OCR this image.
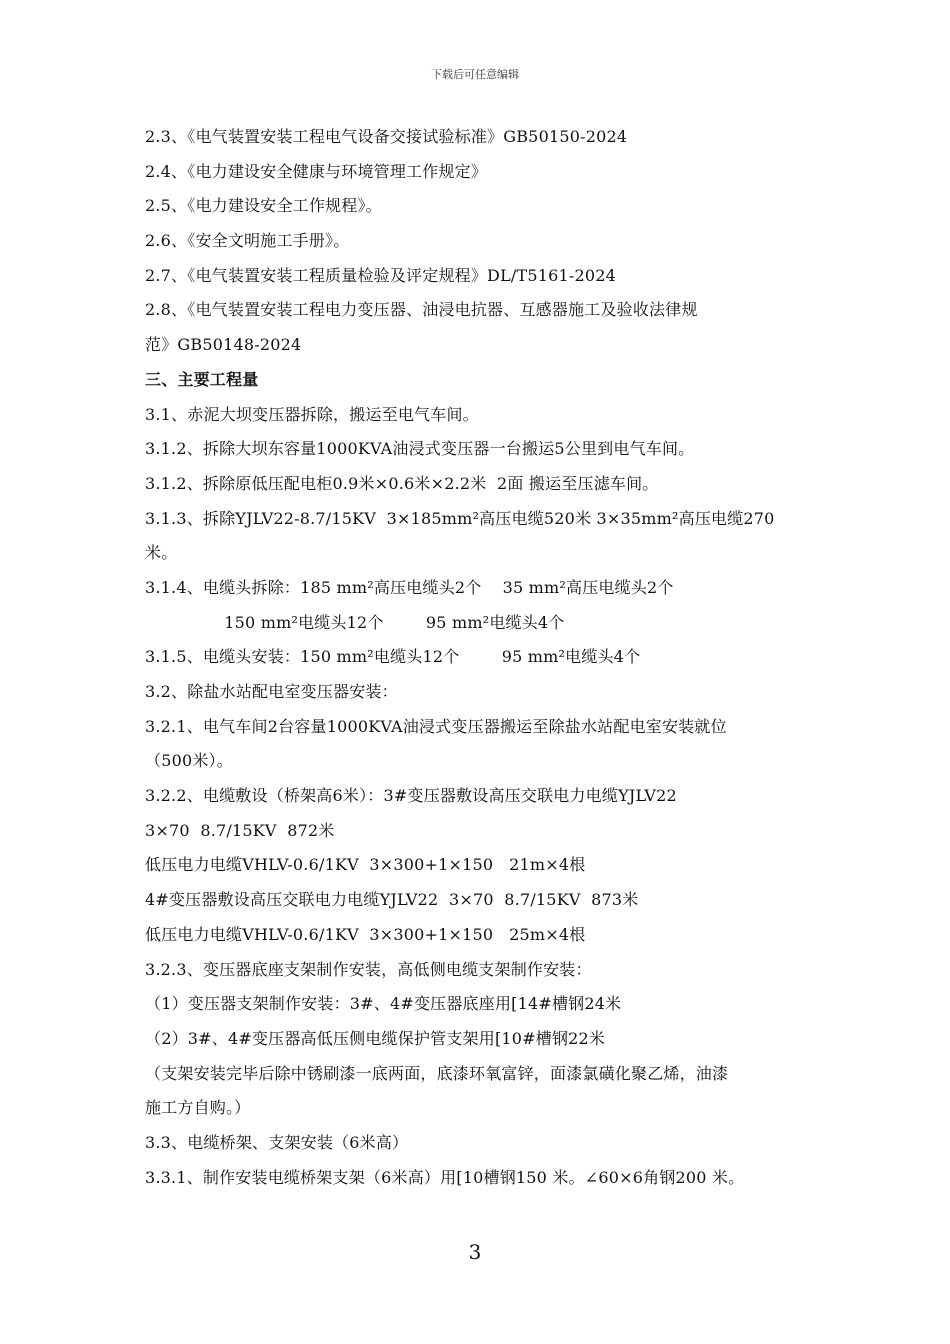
下载后可任意编辑
2.3、《电气装置安装工程电气设备交接试验标准》GB50150-2024
2.4、《电力建设安全健康与环境管理工作规定》
2.5、《电力建设安全工作规程》。
2.6、《安全文明施工手册》。
2.7、《电气装置安装工程质量检验及评定规程》DL/T5161-2024
2.8、《电气装置安装工程电力变压器、油浸电抗器、互感器施工及验收法律规
范》GB50148-2024
三、主要工程量
3.1、赤泥大坝变压器拆除，搬运至电气车间。
3.1.2、拆除大坝东容量1000KVA油浸式变压器一台搬运5公里到电气车间。
3.1.2、拆除原低压配电柜0.9米×0.6米×2.2米  2面 搬运至压滤车间。
3.1.3、拆除YJLV22-8.7/15KV  3×185mm²高压电缆520米 3×35mm²高压电缆270
米。
3.1.4、电缆头拆除：185 mm²高压电缆头2个    35 mm²高压电缆头2个
150 mm²电缆头12个        95 mm²电缆头4个
3.1.5、电缆头安装：150 mm²电缆头12个        95 mm²电缆头4个
3.2、除盐水站配电室变压器安装：
3.2.1、电气车间2台容量1000KVA油浸式变压器搬运至除盐水站配电室安装就位
（500米）。
3.2.2、电缆敷设（桥架高6米）：3#变压器敷设高压交联电力电缆YJLV22
3×70  8.7/15KV  872米
低压电力电缆VHLV-0.6/1KV  3×300+1×150   21m×4根
4#变压器敷设高压交联电力电缆YJLV22  3×70  8.7/15KV  873米
低压电力电缆VHLV-0.6/1KV  3×300+1×150   25m×4根
3.2.3、变压器底座支架制作安装，高低侧电缆支架制作安装：
（1）变压器支架制作安装：3#、4#变压器底座用[14#槽钢24米
（2）3#、4#变压器高低压侧电缆保护管支架用[10#槽钢22米
（支架安装完毕后除中锈刷漆一底两面，底漆环氧富锌，面漆氯磺化聚乙烯，油漆
施工方自购。）
3.3、电缆桥架、支架安装（6米高）
3.3.1、制作安装电缆桥架支架（6米高）用[10槽钢150 米。∠60×6角钢200 米。
3
